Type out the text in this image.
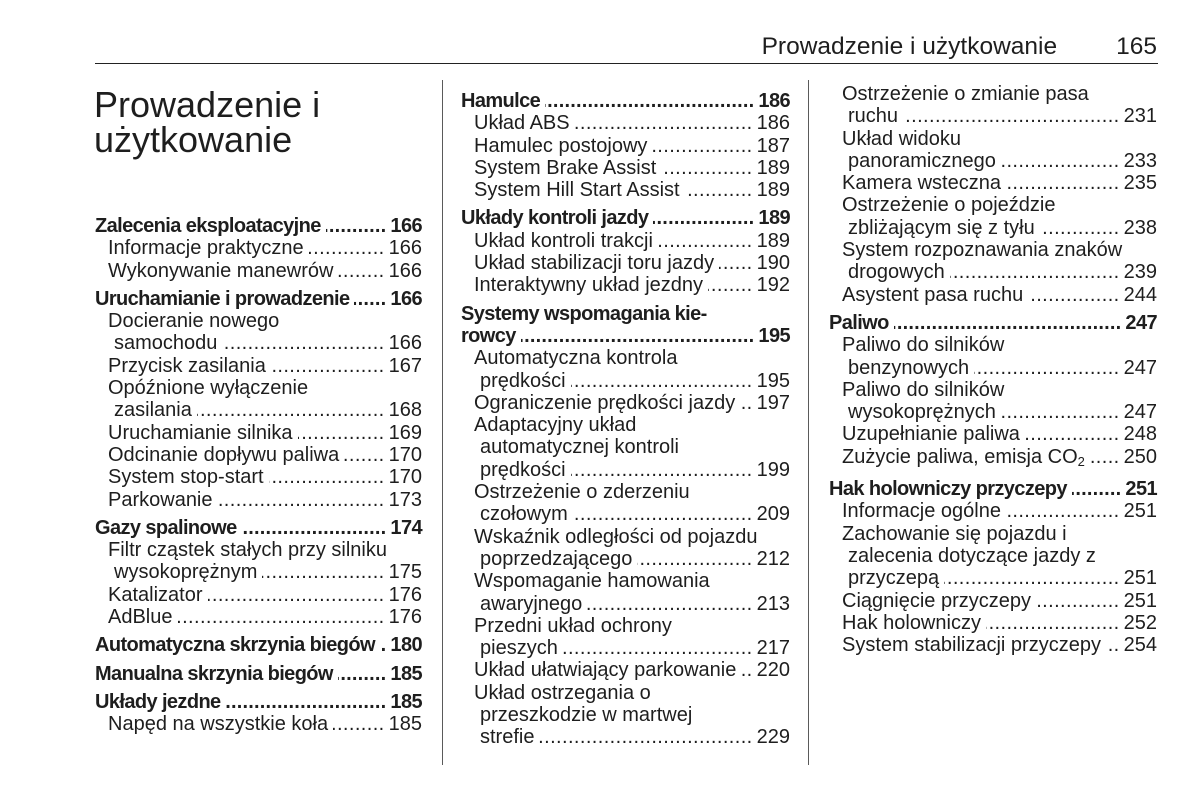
Prowadzenie i użytkowanie 165
Prowadzenie i użytkowanie
Zalecenia eksploatacyjne .....	166
Informacje praktyczne .....	166
Wykonywanie manewrów .....	166
Uruchamianie i prowadzenie ..... 166
Docieranie nowego
samochodu .....	166
Przycisk zasilania .....	167
Opóźnione wyłączenie
zasilania .....	168
Uruchamianie silnika .....	169
Odcinanie dopływu paliwa ..... 170
System stop-start .....	170
Parkowanie .....	173
Gazy spalinowe .....	174
Filtr cząstek stałych przy silniku
wysokoprężnym .....	175
Katalizator .....	176
AdBlue .....	176
Automatyczna skrzynia biegów ..... 180
Manualna skrzynia biegów .....	185
Układy jezdne .....	185
Napęd na wszystkie koła .....	185
Hamulce .....	186
Układ ABS .....	186
Hamulec postojowy .....	187
System Brake Assist .....	189
System Hill Start Assist .....	189
Układy kontroli jazdy .....	189
Układ kontroli trakcji .....	189
Układ stabilizacji toru jazdy ..... 190
Interaktywny układ jezdny .....	192
Systemy wspomagania kie-
rowcy .....	195
Automatyczna kontrola
prędkości .....	195
Ograniczenie prędkości jazdy ..... 197
Adaptacyjny układ
automatycznej kontroli
prędkości .....	199
Ostrzeżenie o zderzeniu
czołowym .....	209
Wskaźnik odległości od pojazdu
poprzedzającego .....	212
Wspomaganie hamowania
awaryjnego .....	213
Przedni układ ochrony
pieszych .....	217
Układ ułatwiający parkowanie ..... 220
Układ ostrzegania o
przeszkodzie w martwej
strefie .....	229
Ostrzeżenie o zmianie pasa
ruchu .....	231
Układ widoku
panoramicznego .....	233
Kamera wsteczna .....	235
Ostrzeżenie o pojeździe
zbliżającym się z tyłu .....	238
System rozpoznawania znaków
drogowych .....	239
Asystent pasa ruchu .....	244
Paliwo .....	247
Paliwo do silników
benzynowych .....	247
Paliwo do silników
wysokoprężnych .....	247
Uzupełnianie paliwa .....	248
Zużycie paliwa, emisja $CO_2$ ..... 250
Hak holowniczy przyczepy .....	251
Informacje ogólne .....	251
Zachowanie się pojazdu i
zalecenia dotyczące jazdy z
przyczepą .....	251
Ciągnięcie przyczepy .....	251
Hak holowniczy .....	252
System stabilizacji przyczepy ..... 254
